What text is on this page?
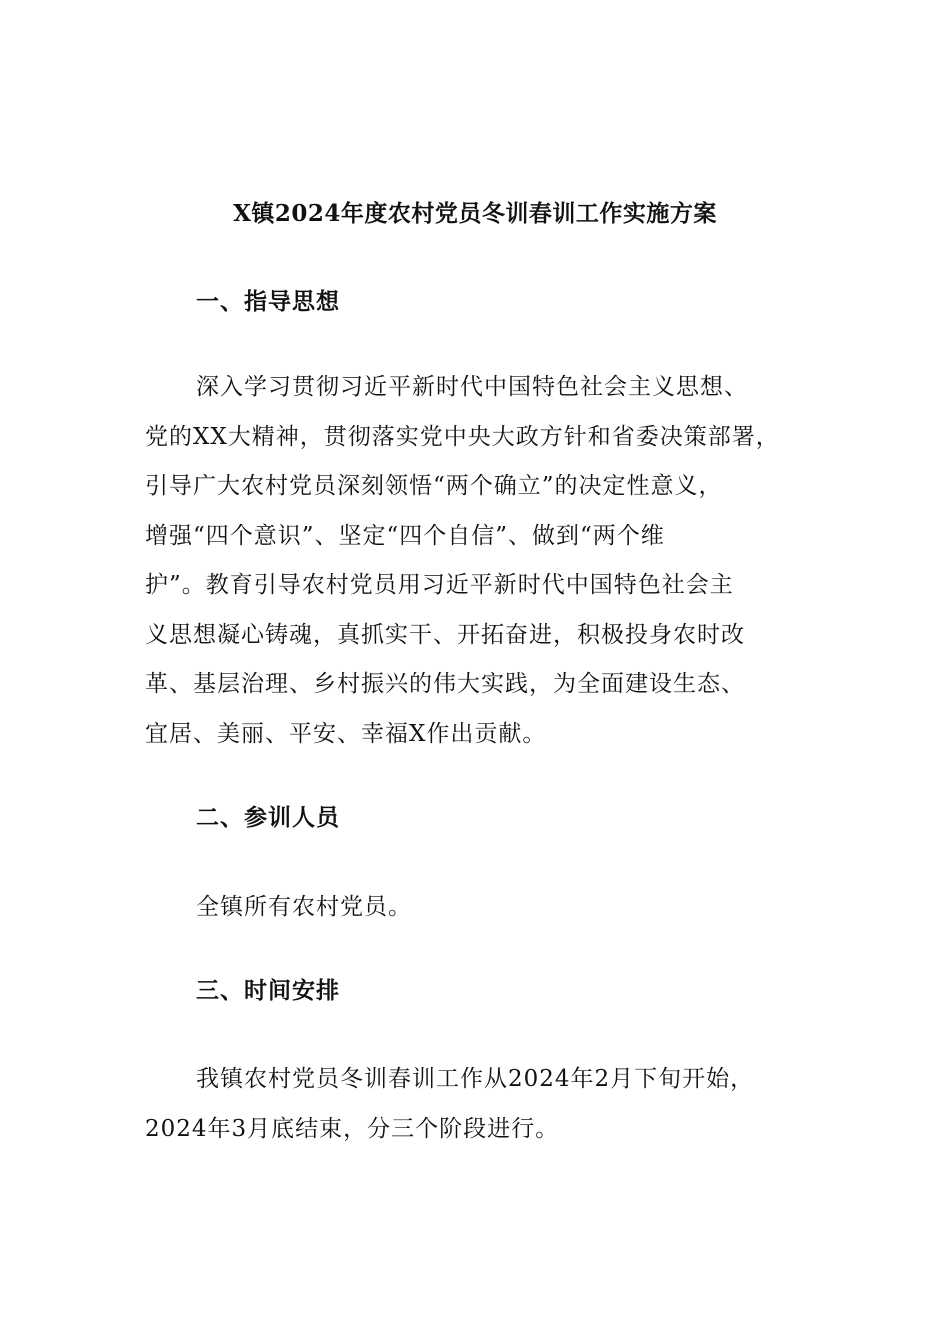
X镇2024年度农村党员冬训春训工作实施方案
一、指导思想

深入学习贯彻习近平新时代中国特色社会主义思想、
党的XX大精神，贯彻落实党中央大政方针和省委决策部署，
引导广大农村党员深刻领悟“两个确立”的决定性意义，
增强“四个意识”、坚定“四个自信”、做到“两个维
护”。教育引导农村党员用习近平新时代中国特色社会主
义思想凝心铸魂，真抓实干、开拓奋进，积极投身农时改
革、基层治理、乡村振兴的伟大实践，为全面建设生态、
宜居、美丽、平安、幸福X作出贡献。

二、参训人员

全镇所有农村党员。

三、时间安排

我镇农村党员冬训春训工作从2024年2月下旬开始，
2024年3月底结束，分三个阶段进行。
